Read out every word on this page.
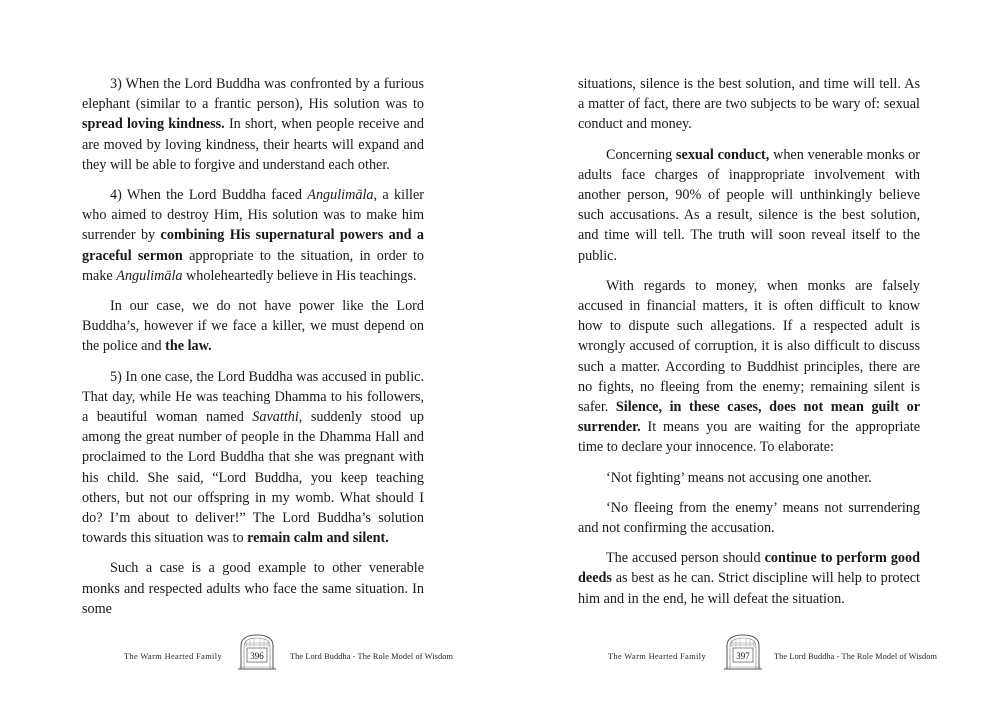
3) When the Lord Buddha was confronted by a furious elephant (similar to a frantic person), His solution was to spread loving kindness. In short, when people receive and are moved by loving kindness, their hearts will expand and they will be able to forgive and understand each other.

4) When the Lord Buddha faced Angulimāla, a killer who aimed to destroy Him, His solution was to make him surrender by combining His supernatural powers and a graceful sermon appropriate to the situation, in order to make Angulimāla wholeheartedly believe in His teachings.

In our case, we do not have power like the Lord Buddha’s, however if we face a killer, we must depend on the police and the law.

5) In one case, the Lord Buddha was accused in public. That day, while He was teaching Dhamma to his followers, a beautiful woman named Savatthi, suddenly stood up among the great number of people in the Dhamma Hall and proclaimed to the Lord Buddha that she was pregnant with his child. She said, “Lord Buddha, you keep teaching others, but not our offspring in my womb. What should I do? I’m about to deliver!” The Lord Buddha’s solution towards this situation was to remain calm and silent.

Such a case is a good example to other venerable monks and respected adults who face the same situation. In some

The Warm Hearted Family	396	The Lord Buddha - The Role Model of Wisdom

situations, silence is the best solution, and time will tell. As a matter of fact, there are two subjects to be wary of: sexual conduct and money.

Concerning sexual conduct, when venerable monks or adults face charges of inappropriate involvement with another person, 90% of people will unthinkingly believe such accusations. As a result, silence is the best solution, and time will tell. The truth will soon reveal itself to the public.

With regards to money, when monks are falsely accused in financial matters, it is often difficult to know how to dispute such allegations. If a respected adult is wrongly accused of corruption, it is also difficult to discuss such a matter. According to Buddhist principles, there are no fights, no fleeing from the enemy; remaining silent is safer. Silence, in these cases, does not mean guilt or surrender. It means you are waiting for the appropriate time to declare your innocence. To elaborate:

‘Not fighting’ means not accusing one another.

‘No fleeing from the enemy’ means not surrendering and not confirming the accusation.

The accused person should continue to perform good deeds as best as he can. Strict discipline will help to protect him and in the end, he will defeat the situation.

The Warm Hearted Family	397	The Lord Buddha - The Role Model of Wisdom
